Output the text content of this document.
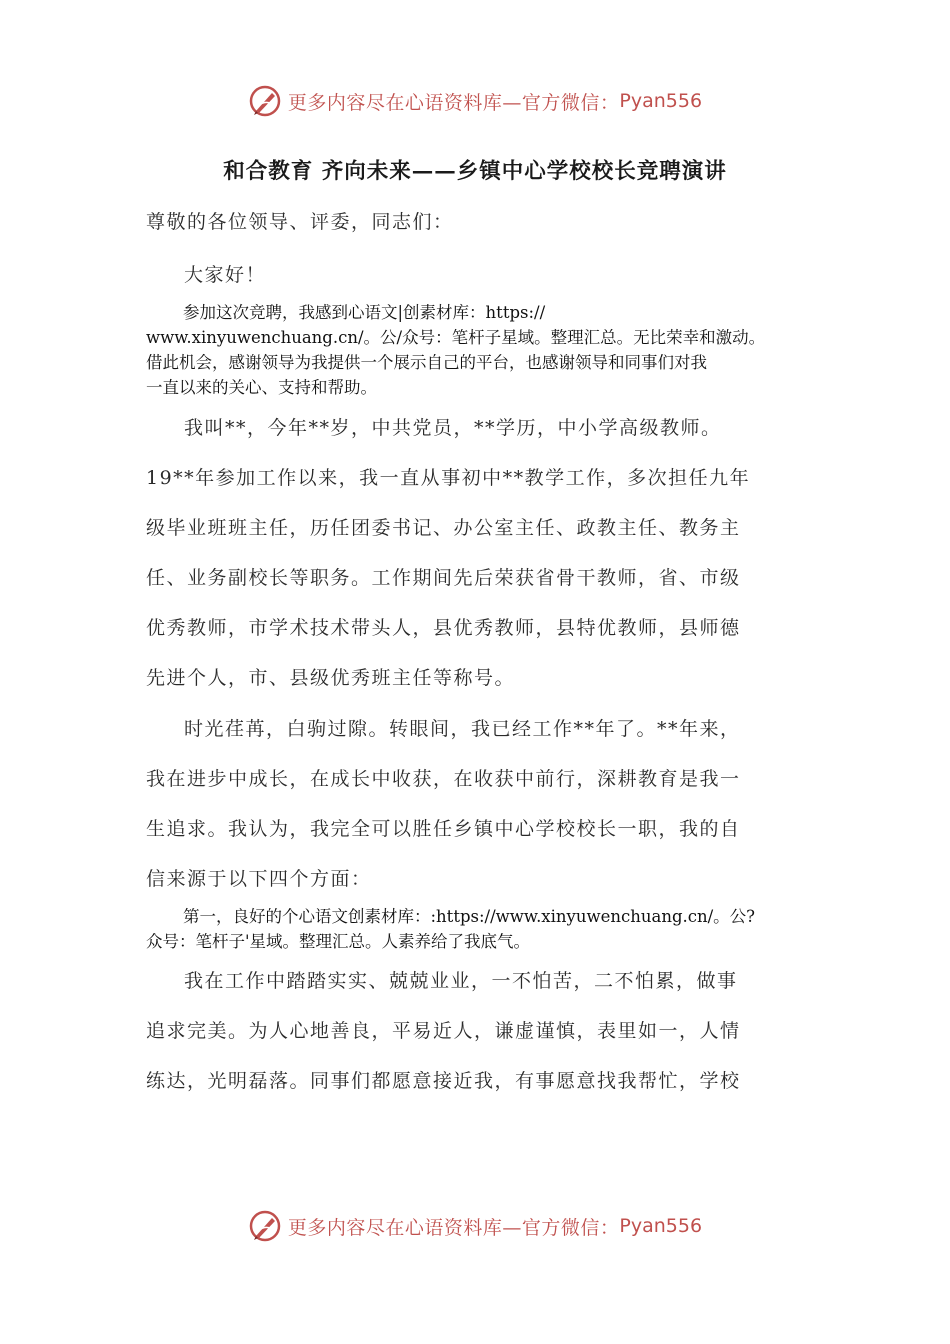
更多内容尽在心语资料库—官方微信： Pyan556
和合教育 齐向未来——乡镇中心学校校长竞聘演讲
尊敬的各位领导、评委，同志们：
大家好！
参加这次竞聘，我感到心语文|创素材库：https://
www.xinyuwenchuang.cn/。公/众号：笔杆子星域。整理汇总。无比荣幸和激动。
借此机会，感谢领导为我提供一个展示自己的平台，也感谢领导和同事们对我
一直以来的关心、支持和帮助。
我叫**，今年**岁，中共党员，**学历，中小学高级教师。
19**年参加工作以来，我一直从事初中**教学工作，多次担任九年
级毕业班班主任，历任团委书记、办公室主任、政教主任、教务主
任、业务副校长等职务。工作期间先后荣获省骨干教师，省、市级
优秀教师，市学术技术带头人，县优秀教师，县特优教师，县师德
先进个人，市、县级优秀班主任等称号。
时光荏苒，白驹过隙。转眼间，我已经工作**年了。**年来，
我在进步中成长，在成长中收获，在收获中前行，深耕教育是我一
生追求。我认为，我完全可以胜任乡镇中心学校校长一职，我的自
信来源于以下四个方面：
第一，良好的个心语文创素材库：:https://www.xinyuwenchuang.cn/。公?
众号：笔杆子'星域。整理汇总。人素养给了我底气。
我在工作中踏踏实实、兢兢业业，一不怕苦，二不怕累，做事
追求完美。为人心地善良，平易近人，谦虚谨慎，表里如一，人情
练达，光明磊落。同事们都愿意接近我，有事愿意找我帮忙，学校
更多内容尽在心语资料库—官方微信： Pyan556
